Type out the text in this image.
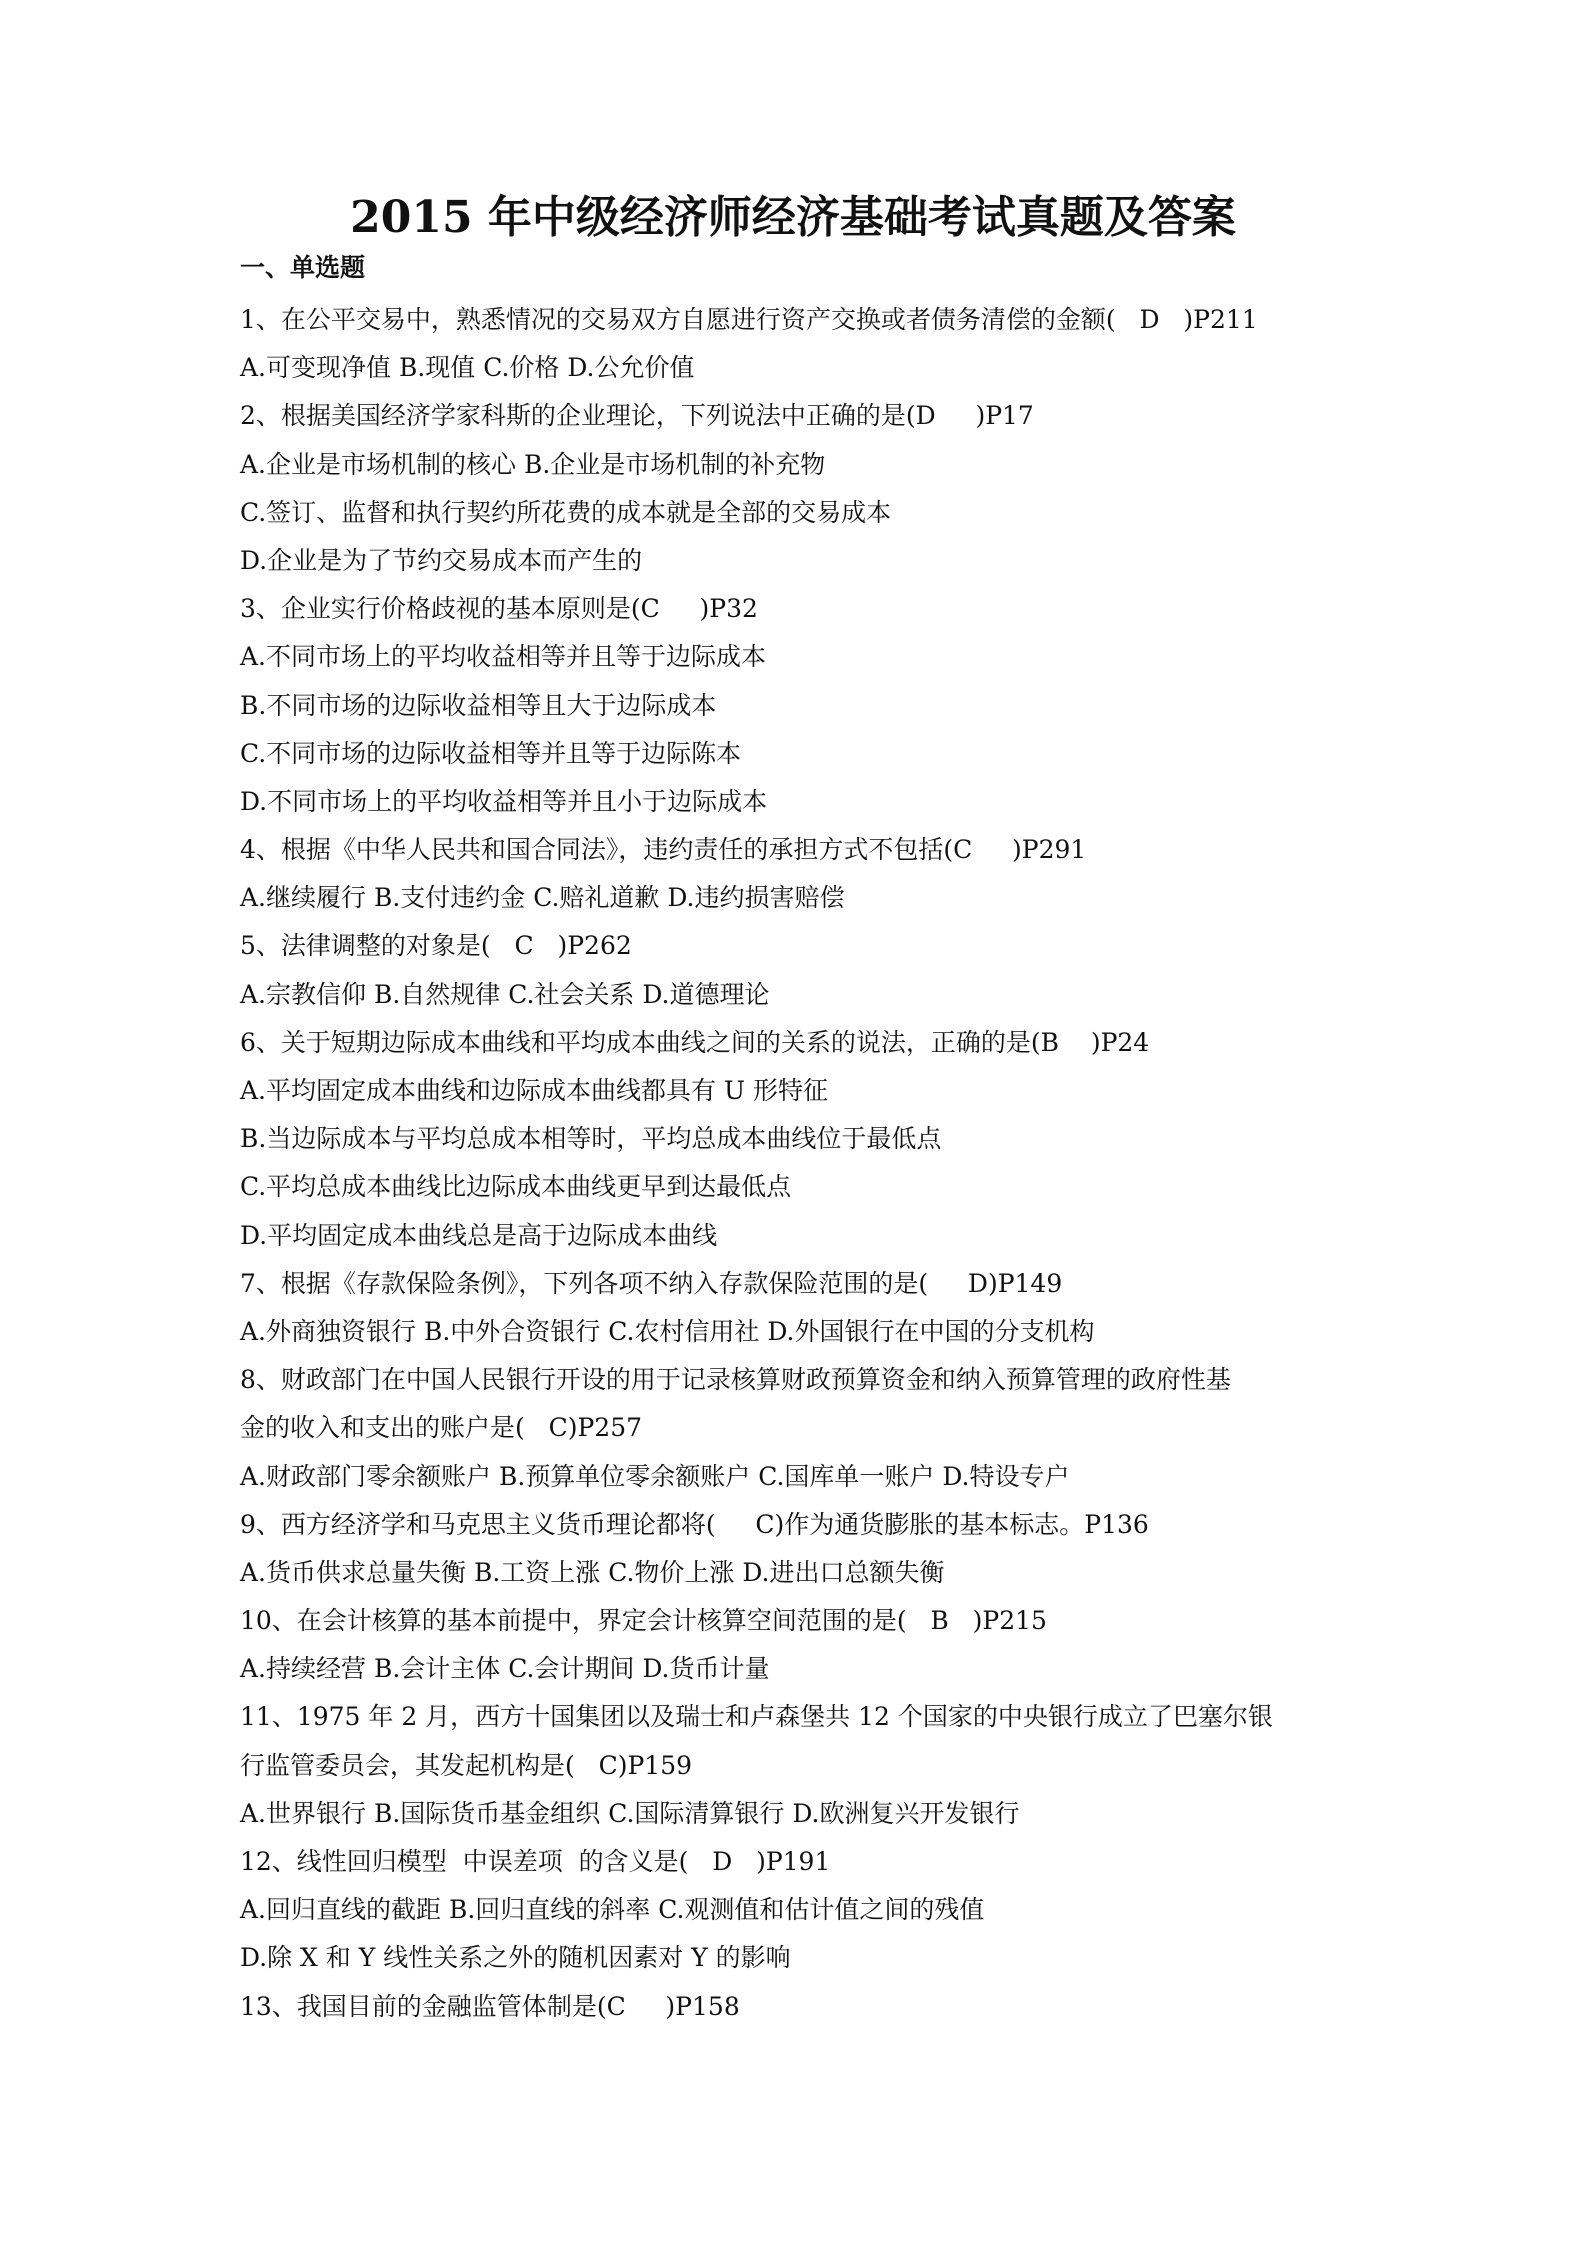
2015 年中级经济师经济基础考试真题及答案
一、单选题
1、在公平交易中，熟悉情况的交易双方自愿进行资产交换或者债务清偿的金额(   D   )P211
A.可变现净值 B.现值 C.价格 D.公允价值
2、根据美国经济学家科斯的企业理论，下列说法中正确的是(D     )P17
A.企业是市场机制的核心 B.企业是市场机制的补充物
C.签订、监督和执行契约所花费的成本就是全部的交易成本
D.企业是为了节约交易成本而产生的
3、企业实行价格歧视的基本原则是(C     )P32
A.不同市场上的平均收益相等并且等于边际成本
B.不同市场的边际收益相等且大于边际成本
C.不同市场的边际收益相等并且等于边际陈本
D.不同市场上的平均收益相等并且小于边际成本
4、根据《中华人民共和国合同法》，违约责任的承担方式不包括(C     )P291
A.继续履行 B.支付违约金 C.赔礼道歉 D.违约损害赔偿
5、法律调整的对象是(   C   )P262
A.宗教信仰 B.自然规律 C.社会关系 D.道德理论
6、关于短期边际成本曲线和平均成本曲线之间的关系的说法，正确的是(B    )P24
A.平均固定成本曲线和边际成本曲线都具有 U 形特征
B.当边际成本与平均总成本相等时，平均总成本曲线位于最低点
C.平均总成本曲线比边际成本曲线更早到达最低点
D.平均固定成本曲线总是高于边际成本曲线
7、根据《存款保险条例》，下列各项不纳入存款保险范围的是(     D)P149
A.外商独资银行 B.中外合资银行 C.农村信用社 D.外国银行在中国的分支机构
8、财政部门在中国人民银行开设的用于记录核算财政预算资金和纳入预算管理的政府性基
金的收入和支出的账户是(   C)P257
A.财政部门零余额账户 B.预算单位零余额账户 C.国库单一账户 D.特设专户
9、西方经济学和马克思主义货币理论都将(     C)作为通货膨胀的基本标志。P136
A.货币供求总量失衡 B.工资上涨 C.物价上涨 D.进出口总额失衡
10、在会计核算的基本前提中，界定会计核算空间范围的是(   B   )P215
A.持续经营 B.会计主体 C.会计期间 D.货币计量
11、1975 年 2 月，西方十国集团以及瑞士和卢森堡共 12 个国家的中央银行成立了巴塞尔银
行监管委员会，其发起机构是(   C)P159
A.世界银行 B.国际货币基金组织 C.国际清算银行 D.欧洲复兴开发银行
12、线性回归模型  中误差项  的含义是(   D   )P191
A.回归直线的截距 B.回归直线的斜率 C.观测值和估计值之间的残值
D.除 X 和 Y 线性关系之外的随机因素对 Y 的影响
13、我国目前的金融监管体制是(C     )P158
